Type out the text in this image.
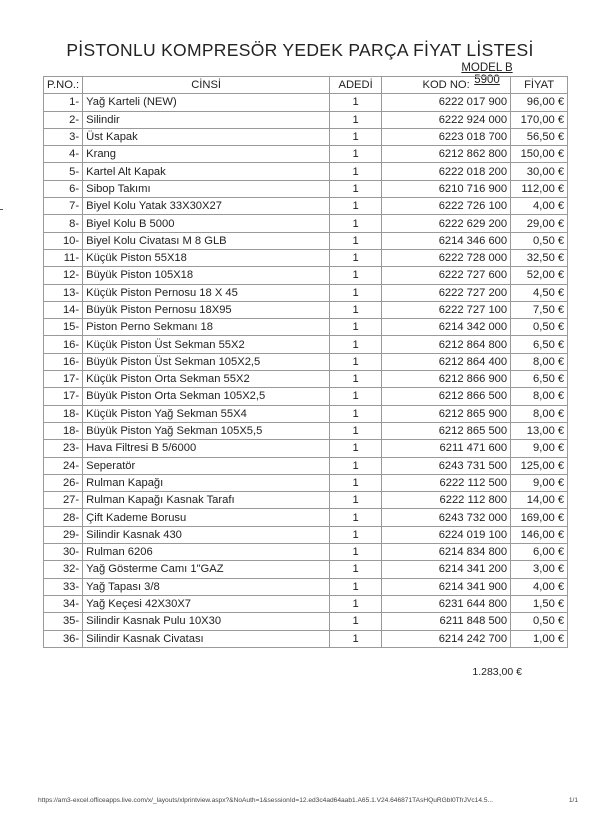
PİSTONLU KOMPRESÖR YEDEK PARÇA FİYAT LİSTESİ
MODEL B 5900
P.NO.:	CİNSİ	ADEDİ	KOD NO:	FİYAT
1-	Yağ Karteli (NEW)	1	6222 017 900	96,00 €
2-	Silindir	1	6222 924 000	170,00 €
3-	Üst Kapak	1	6223 018 700	56,50 €
4-	Krang	1	6212 862 800	150,00 €
5-	Kartel Alt Kapak	1	6222 018 200	30,00 €
6-	Sibop Takımı	1	6210 716 900	112,00 €
7-	Biyel Kolu Yatak 33X30X27	1	6222 726 100	4,00 €
8-	Biyel Kolu B 5000	1	6222 629 200	29,00 €
10-	Biyel Kolu Civatası M 8 GLB	1	6214 346 600	0,50 €
11-	Küçük Piston 55X18	1	6222 728 000	32,50 €
12-	Büyük Piston 105X18	1	6222 727 600	52,00 €
13-	Küçük Piston Pernosu 18 X 45	1	6222 727 200	4,50 €
14-	Büyük Piston Pernosu 18X95	1	6222 727 100	7,50 €
15-	Piston Perno Sekmanı 18	1	6214 342 000	0,50 €
16-	Küçük Piston Üst Sekman 55X2	1	6212 864 800	6,50 €
16-	Büyük Piston Üst Sekman 105X2,5	1	6212 864 400	8,00 €
17-	Küçük Piston Orta Sekman 55X2	1	6212 866 900	6,50 €
17-	Büyük Piston Orta Sekman 105X2,5	1	6212 866 500	8,00 €
18-	Küçük Piston Yağ Sekman 55X4	1	6212 865 900	8,00 €
18-	Büyük Piston Yağ Sekman 105X5,5	1	6212 865 500	13,00 €
23-	Hava Filtresi B 5/6000	1	6211 471 600	9,00 €
24-	Seperatör	1	6243 731 500	125,00 €
26-	Rulman Kapağı	1	6222 112 500	9,00 €
27-	Rulman Kapağı Kasnak Tarafı	1	6222 112 800	14,00 €
28-	Çift Kademe Borusu	1	6243 732 000	169,00 €
29-	Silindir Kasnak 430	1	6224 019 100	146,00 €
30-	Rulman 6206	1	6214 834 800	6,00 €
32-	Yağ Gösterme Camı 1"GAZ	1	6214 341 200	3,00 €
33-	Yağ Tapası 3/8	1	6214 341 900	4,00 €
34-	Yağ Keçesi 42X30X7	1	6231 644 800	1,50 €
35-	Silindir Kasnak Pulu 10X30	1	6211 848 500	0,50 €
36-	Silindir Kasnak Civatası	1	6214 242 700	1,00 €
1.283,00 €
https://am3-excel.officeapps.live.com/x/_layouts/xlprintview.aspx?&NoAuth=1&sessionId=12.ed3c4ad64aab1.A65.1.V24.646871TAsHQuRGbl0TfrJVc14.5...	1/1
